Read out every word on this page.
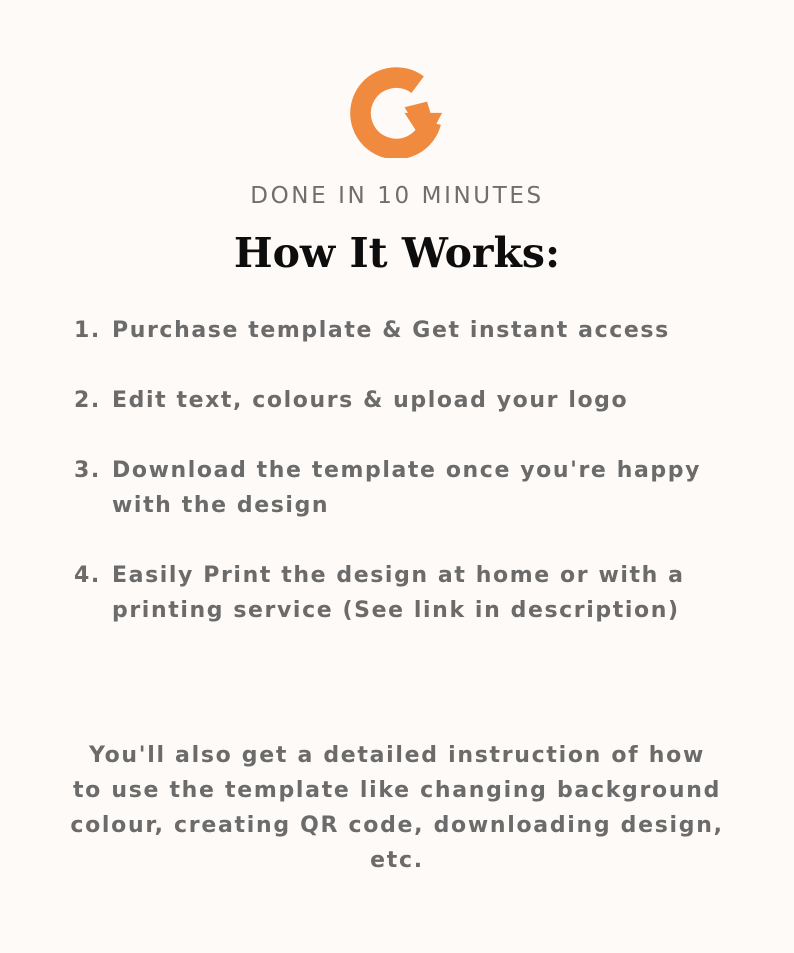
DONE IN 10 MINUTES
How It Works:
1. Purchase template & Get instant access
2. Edit text, colours & upload your logo
3. Download the template once you're happy with the design
4. Easily Print the design at home or with a printing service (See link in description)
You'll also get a detailed instruction of how to use the template like changing background colour, creating QR code, downloading design, etc.
